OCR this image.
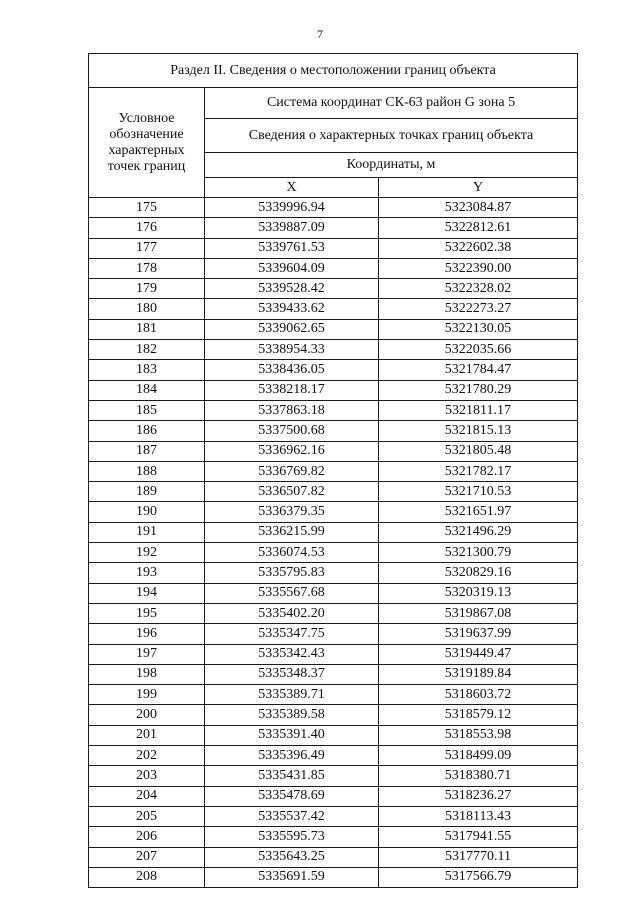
7
Раздел II. Сведения о местоположении границ объекта		
Условное
обозначение
характерных
точек границ	Система координат СК-63 район G зона 5	
	Сведения о характерных точках границ объекта	
	Координаты, м	
	X	Y
175	5339996.94	5323084.87
176	5339887.09	5322812.61
177	5339761.53	5322602.38
178	5339604.09	5322390.00
179	5339528.42	5322328.02
180	5339433.62	5322273.27
181	5339062.65	5322130.05
182	5338954.33	5322035.66
183	5338436.05	5321784.47
184	5338218.17	5321780.29
185	5337863.18	5321811.17
186	5337500.68	5321815.13
187	5336962.16	5321805.48
188	5336769.82	5321782.17
189	5336507.82	5321710.53
190	5336379.35	5321651.97
191	5336215.99	5321496.29
192	5336074.53	5321300.79
193	5335795.83	5320829.16
194	5335567.68	5320319.13
195	5335402.20	5319867.08
196	5335347.75	5319637.99
197	5335342.43	5319449.47
198	5335348.37	5319189.84
199	5335389.71	5318603.72
200	5335389.58	5318579.12
201	5335391.40	5318553.98
202	5335396.49	5318499.09
203	5335431.85	5318380.71
204	5335478.69	5318236.27
205	5335537.42	5318113.43
206	5335595.73	5317941.55
207	5335643.25	5317770.11
208	5335691.59	5317566.79
